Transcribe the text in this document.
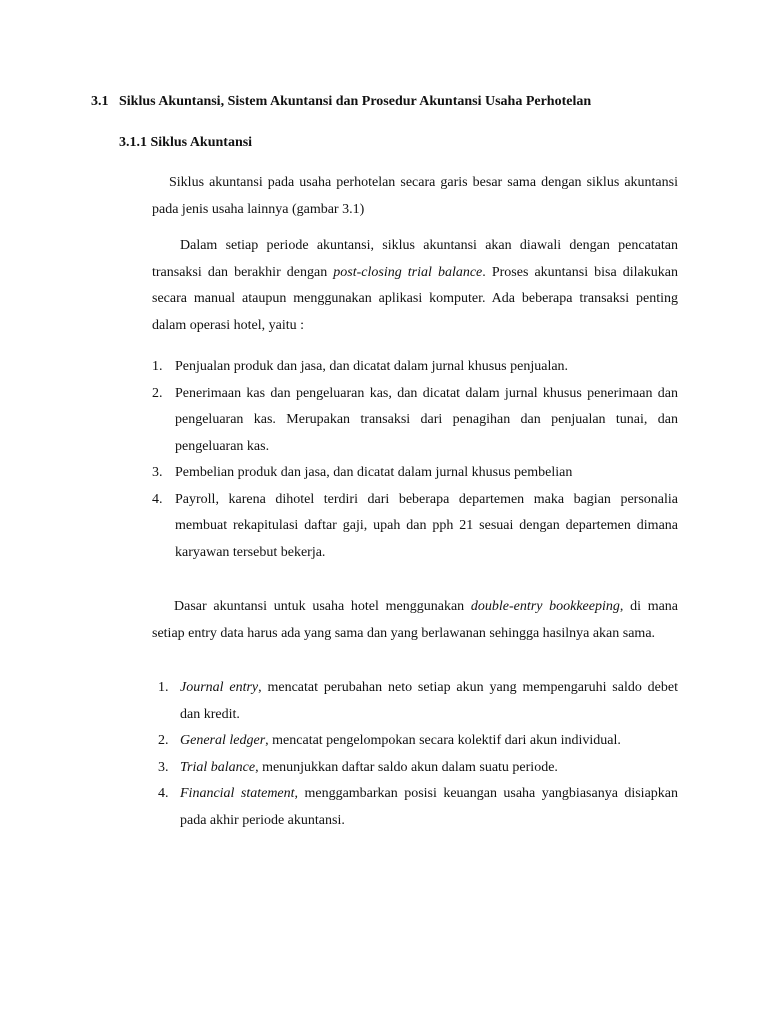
3.1 Siklus Akuntansi, Sistem Akuntansi dan Prosedur Akuntansi Usaha Perhotelan
3.1.1 Siklus Akuntansi
Siklus akuntansi pada usaha perhotelan secara garis besar sama dengan siklus akuntansi pada jenis usaha lainnya (gambar 3.1)
Dalam setiap periode akuntansi, siklus akuntansi akan diawali dengan pencatatan transaksi dan berakhir dengan post-closing trial balance. Proses akuntansi bisa dilakukan secara manual ataupun menggunakan aplikasi komputer. Ada beberapa transaksi penting dalam operasi hotel, yaitu :
1. Penjualan produk dan jasa, dan dicatat dalam jurnal khusus penjualan.
2. Penerimaan kas dan pengeluaran kas, dan dicatat dalam jurnal khusus penerimaan dan pengeluaran kas. Merupakan transaksi dari penagihan dan penjualan tunai, dan pengeluaran kas.
3. Pembelian produk dan jasa, dan dicatat dalam jurnal khusus pembelian
4. Payroll, karena dihotel terdiri dari beberapa departemen maka bagian personalia membuat rekapitulasi daftar gaji, upah dan pph 21 sesuai dengan departemen dimana karyawan tersebut bekerja.
Dasar akuntansi untuk usaha hotel menggunakan double-entry bookkeeping, di mana setiap entry data harus ada yang sama dan yang berlawanan sehingga hasilnya akan sama.
1. Journal entry, mencatat perubahan neto setiap akun yang mempengaruhi saldo debet dan kredit.
2. General ledger, mencatat pengelompokan secara kolektif dari akun individual.
3. Trial balance, menunjukkan daftar saldo akun dalam suatu periode.
4. Financial statement, menggambarkan posisi keuangan usaha yangbiasanya disiapkan pada akhir periode akuntansi.
